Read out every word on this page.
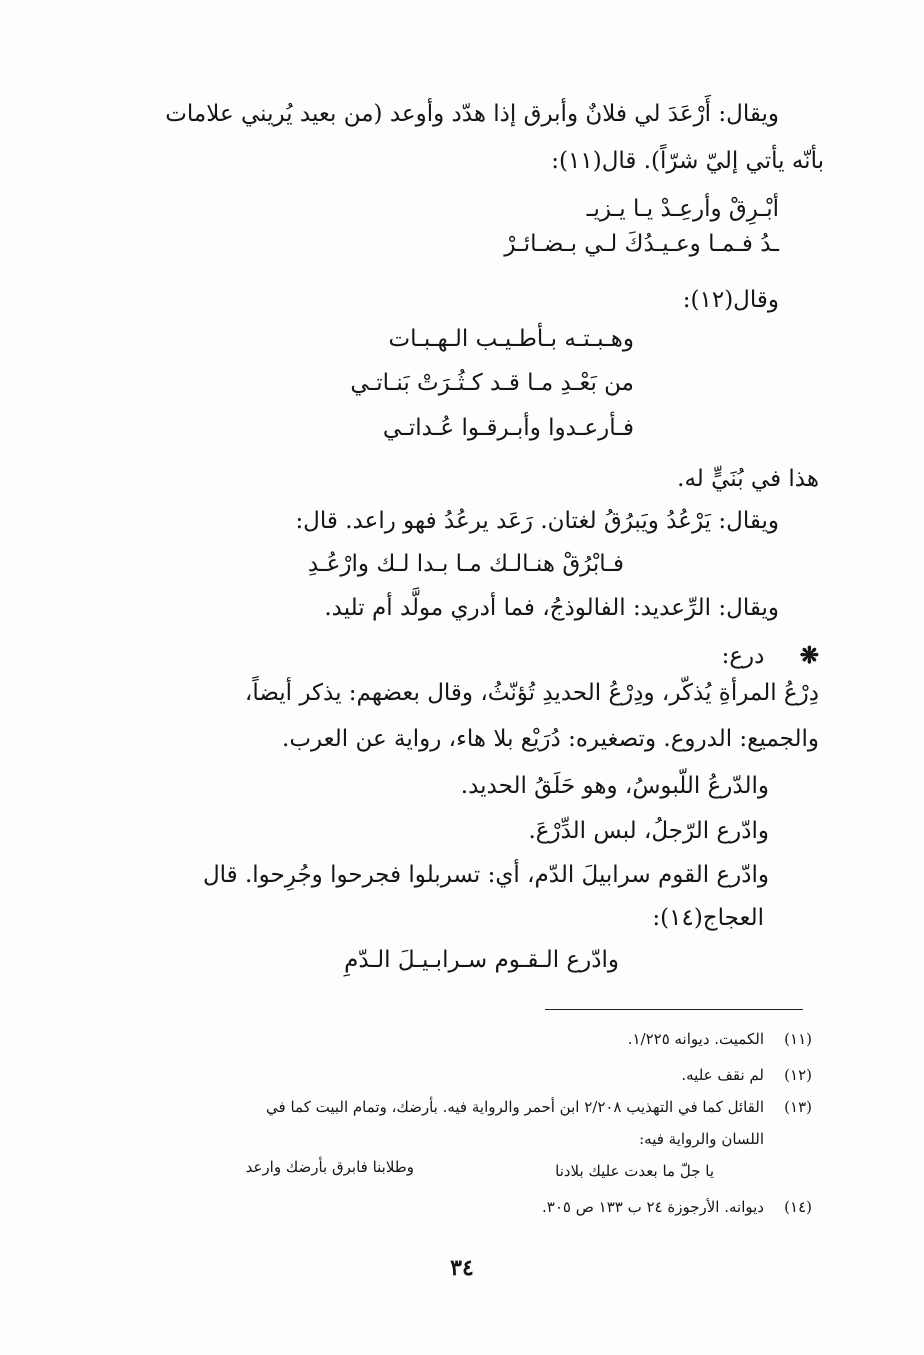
ويقال: أَرْعَدَ لي فلانٌ وأبرق إذا هدّد وأوعد (من بعيد يُريني علامات
بأنّه يأتي إليّ شرّاً). قال(١١):
أبْـرِقْ وأرعِـدْ يـا يـزيـ
ـدُ فـمـا وعـيـدُكَ لـي بـضـائـرْ
وقال(١٢):
وهـبـتـه بـأطـيـب الـهـبـات
من بَعْـدِ مـا قـد كـثُـرَتْ بَنـاتـي
فـأرعـدوا وأبـرقـوا عُـداتـي
هذا في بُنَيٍّ له.
ويقال: يَرْعُدُ ويَبرُقُ لغتان. رَعَد يرعُدُ فهو راعد. قال:
فـابْرُقْ هنـالـك مـا بـدا لـك وارْعُـدِ
ويقال: الرِّعديد: الفالوذجُ، فما أدري مولَّد أم تليد.
❋ درع:
دِرْعُ المرأةِ يُذكّر، ودِرْعُ الحديدِ تُؤنّثُ، وقال بعضهم: يذكر أيضاً،
والجميع: الدروع. وتصغيره: دُرَيْع بلا هاء، رواية عن العرب.
والدّرعُ اللّبوسُ، وهو حَلَقُ الحديد.
وادّرع الرّجلُ، لبس الدِّرْعَ.
وادّرع القوم سرابيلَ الدّم، أي: تسربلوا فجرحوا وجُرِحوا. قال
العجاج(١٤):
وادّرع الـقـوم سـرابـيـلَ الـدّمِ
(١١)الكميت. ديوانه ١/٢٢٥.
(١٢)لم نقف عليه.
(١٣)القائل كما في التهذيب ٢/٢٠٨ ابن أحمر والرواية فيه. بأرضك، وتمام البيت كما في
اللسان والرواية فيه:
يا جلّ ما بعدت عليك بلادنا
وطلابنا فابرق بأرضك وارعد
(١٤)ديوانه. الأرجوزة ٢٤ ب ١٣٣ ص ٣٠٥.
٣٤
